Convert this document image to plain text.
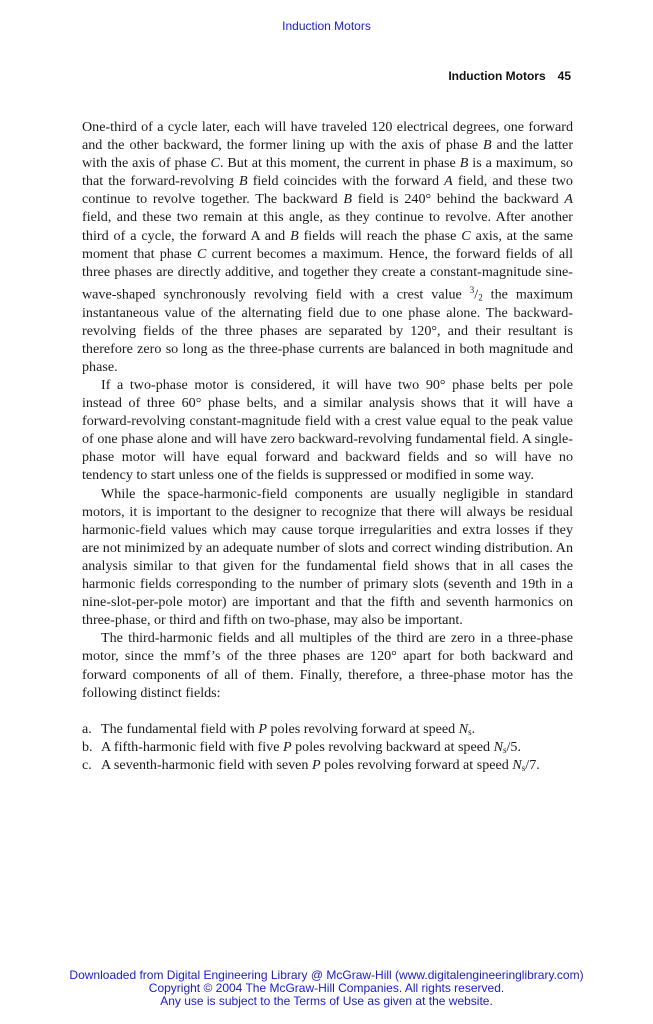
Induction Motors
Induction Motors 45

One-third of a cycle later, each will have traveled 120 electrical degrees, one forward and the other backward, the former lining up with the axis of phase B and the latter with the axis of phase C. But at this moment, the current in phase B is a maximum, so that the forward-revolving B field coincides with the forward A field, and these two continue to revolve together. The backward B field is 240° behind the backward A field, and these two remain at this angle, as they continue to revolve. After another third of a cycle, the forward A and B fields will reach the phase C axis, at the same moment that phase C current becomes a maximum. Hence, the forward fields of all three phases are directly additive, and together they create a constant-magnitude sine-wave-shaped synchronously revolving field with a crest value $^3/_2$ the maximum instantaneous value of the alternating field due to one phase alone. The backward-revolving fields of the three phases are separated by 120°, and their resultant is therefore zero so long as the three-phase currents are balanced in both magnitude and phase.

If a two-phase motor is considered, it will have two 90° phase belts per pole instead of three 60° phase belts, and a similar analysis shows that it will have a forward-revolving constant-magnitude field with a crest value equal to the peak value of one phase alone and will have zero backward-revolving fundamental field. A single-phase motor will have equal forward and backward fields and so will have no tendency to start unless one of the fields is suppressed or modified in some way.

While the space-harmonic-field components are usually negligible in standard motors, it is important to the designer to recognize that there will always be residual harmonic-field values which may cause torque irregularities and extra losses if they are not minimized by an adequate number of slots and correct winding distribution. An analysis similar to that given for the fundamental field shows that in all cases the harmonic fields corresponding to the number of primary slots (seventh and 19th in a nine-slot-per-pole motor) are important and that the fifth and seventh harmonics on three-phase, or third and fifth on two-phase, may also be important.

The third-harmonic fields and all multiples of the third are zero in a three-phase motor, since the mmf’s of the three phases are 120° apart for both backward and forward components of all of them. Finally, therefore, a three-phase motor has the following distinct fields:

a. The fundamental field with P poles revolving forward at speed $N_s$.
b. A fifth-harmonic field with five P poles revolving backward at speed $N_s/5$.
c. A seventh-harmonic field with seven P poles revolving forward at speed $N_s/7$.
Downloaded from Digital Engineering Library @ McGraw-Hill (www.digitalengineeringlibrary.com)
Copyright © 2004 The McGraw-Hill Companies. All rights reserved.
Any use is subject to the Terms of Use as given at the website.
